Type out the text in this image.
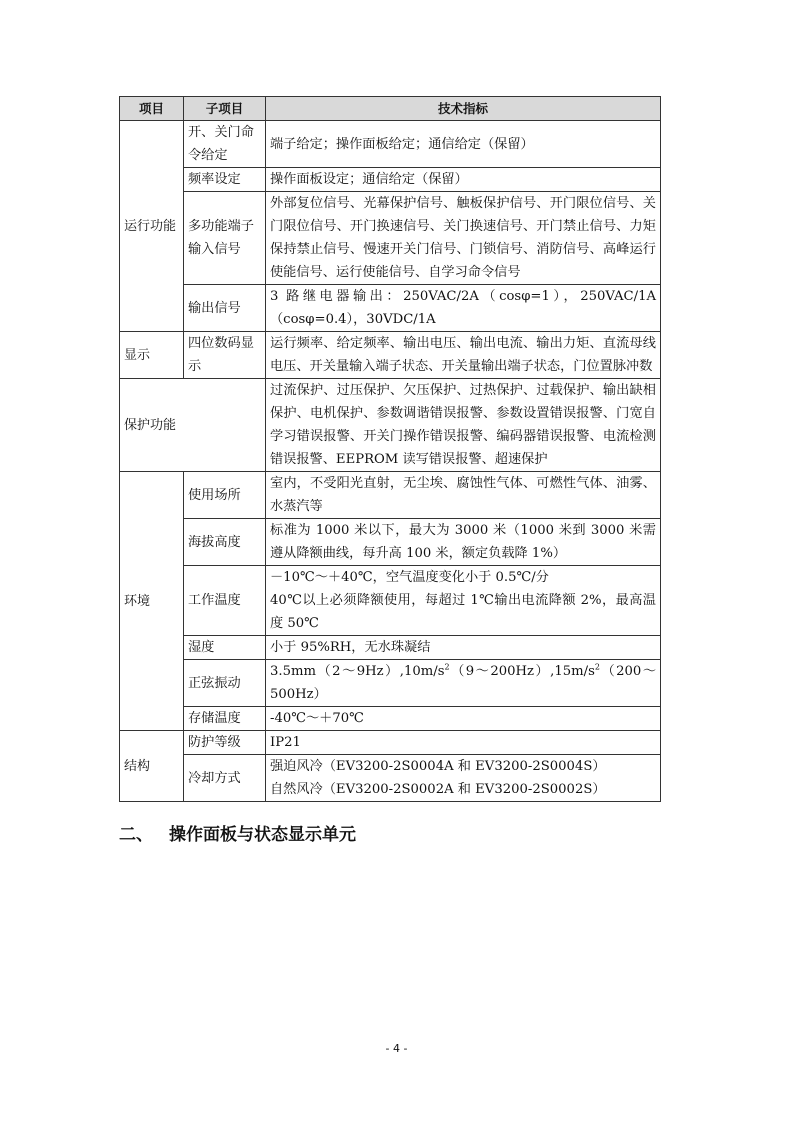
项目	子项目	技术指标
运行功能	开、关门命令给定	端子给定；操作面板给定；通信给定（保留）
	频率设定	操作面板设定；通信给定（保留）
	多功能端子输入信号	外部复位信号、光幕保护信号、触板保护信号、开门限位信号、关门限位信号、开门换速信号、关门换速信号、开门禁止信号、力矩保持禁止信号、慢速开关门信号、门锁信号、消防信号、高峰运行使能信号、运行使能信号、自学习命令信号
	输出信号	3 路继电器输出：250VAC/2A（cosφ=1），250VAC/1A（cosφ=0.4），30VDC/1A
显示	四位数码显示	运行频率、给定频率、输出电压、输出电流、输出力矩、直流母线电压、开关量输入端子状态、开关量输出端子状态，门位置脉冲数
保护功能		过流保护、过压保护、欠压保护、过热保护、过载保护、输出缺相保护、电机保护、参数调谐错误报警、参数设置错误报警、门宽自学习错误报警、开关门操作错误报警、编码器错误报警、电流检测错误报警、EEPROM 读写错误报警、超速保护
环境	使用场所	室内，不受阳光直射，无尘埃、腐蚀性气体、可燃性气体、油雾、水蒸汽等
	海拔高度	标准为 1000 米以下，最大为 3000 米（1000 米到 3000 米需遵从降额曲线，每升高 100 米，额定负载降 1%）
	工作温度	－10℃～＋40℃，空气温度变化小于 0.5℃/分
40℃以上必须降额使用，每超过 1℃输出电流降额 2%，最高温度 50℃

	湿度	小于 95%RH，无水珠凝结
	正弦振动	$3.5mm(2\sim 9Hz),10m/s^2(9\sim 200Hz),15m/s^2(200\sim 500Hz)$
	存储温度	-40℃～＋70℃
结构	防护等级	IP21
	冷却方式	强迫风冷（EV3200-2S0004A 和 EV3200-2S0004S）
自然风冷（EV3200-2S0002A 和 EV3200-2S0002S）
二、 操作面板与状态显示单元
- 4 -
